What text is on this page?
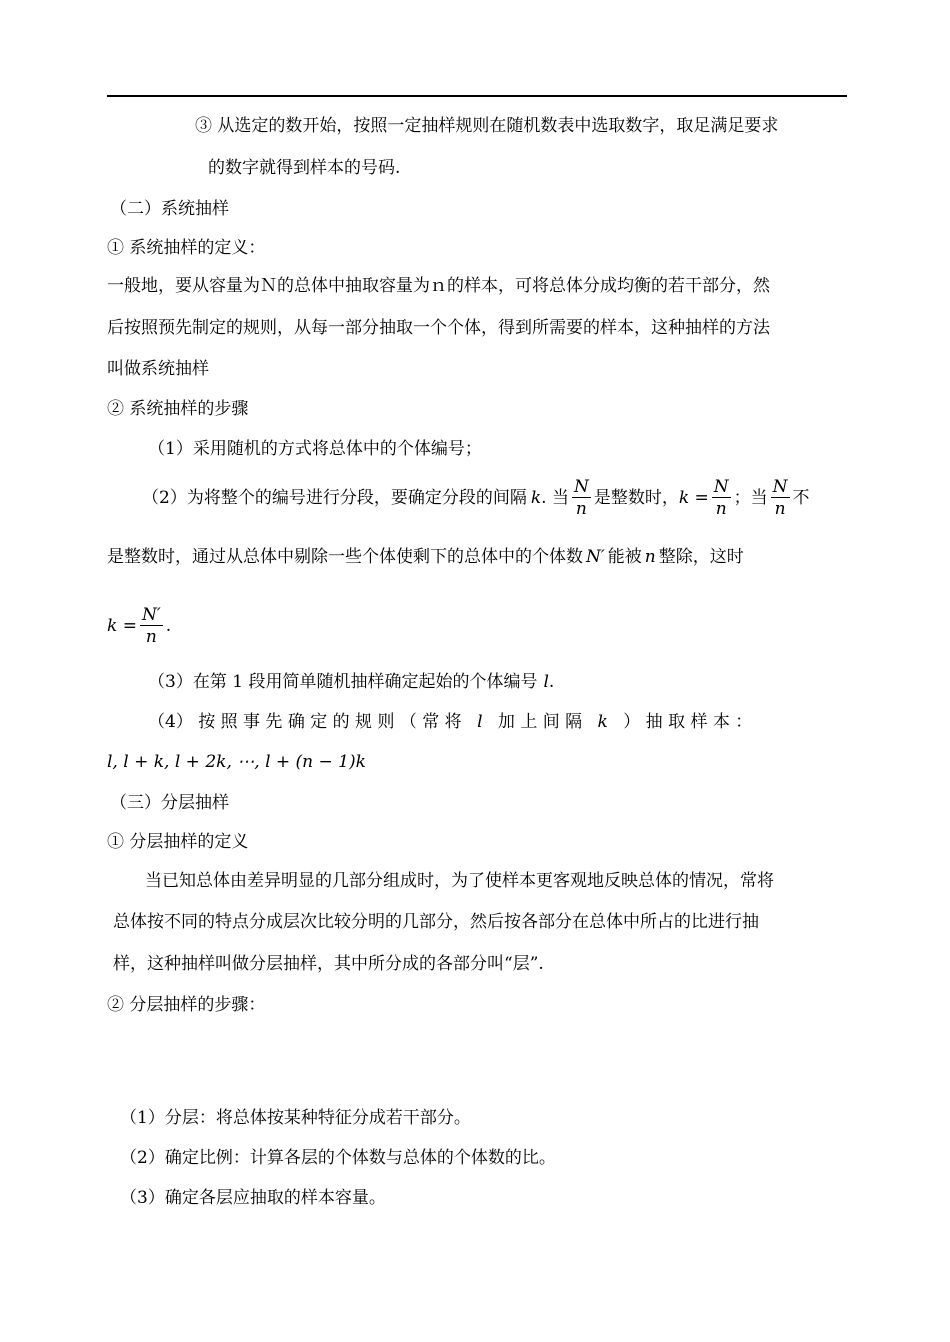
③ 从选定的数开始，按照一定抽样规则在随机数表中选取数字，取足满足要求
的数字就得到样本的号码.
（二）系统抽样
① 系统抽样的定义：
一般地，要从容量为Ｎ的总体中抽取容量为ｎ的样本，可将总体分成均衡的若干部分，然
后按照预先制定的规则，从每一部分抽取一个个体，得到所需要的样本，这种抽样的方法
叫做系统抽样
② 系统抽样的步骤
（1）采用随机的方式将总体中的个体编号；
（2）为将整个的编号进行分段，要确定分段的间隔 k . 当 $\frac{N}{n}$ 是整数时， $k = \frac{N}{n}$ ；当 $\frac{N}{n}$ 不
是整数时，通过从总体中剔除一些个体使剩下的总体中的个体数 N′ 能被 n 整除，这时
$k = \frac{N'}{n}$ .
（3）在第 1 段用简单随机抽样确定起始的个体编号 l.
（4） 按 照 事 先 确 定 的 规 则 （ 常 将 l 加 上 间 隔 k ） 抽 取 样 本 ：
l, l + k, l + 2k, ⋯, l + (n − 1)k
（三）分层抽样
① 分层抽样的定义
当已知总体由差异明显的几部分组成时，为了使样本更客观地反映总体的情况，常将
总体按不同的特点分成层次比较分明的几部分，然后按各部分在总体中所占的比进行抽
样，这种抽样叫做分层抽样，其中所分成的各部分叫“层”.
② 分层抽样的步骤：
（1）分层：将总体按某种特征分成若干部分。
（2）确定比例：计算各层的个体数与总体的个体数的比。
（3）确定各层应抽取的样本容量。
